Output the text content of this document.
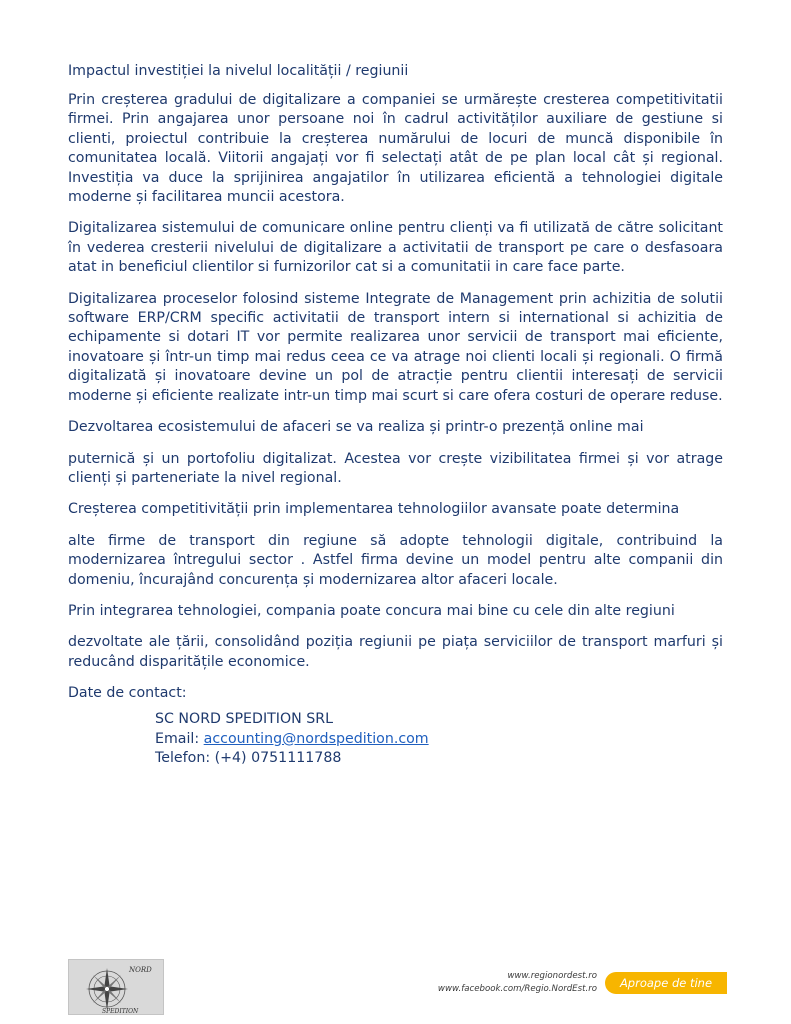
Impactul investiției la nivelul localității / regiunii

Prin creșterea gradului de digitalizare a companiei se urmărește cresterea competitivitatii firmei. Prin angajarea unor persoane noi în cadrul activităților auxiliare de gestiune si clienti, proiectul contribuie la creșterea numărului de locuri de muncă disponibile în comunitatea locală. Viitorii angajați vor fi selectați atât de pe plan local cât și regional. Investiția va duce la sprijinirea angajatilor în utilizarea eficientă a tehnologiei digitale moderne și facilitarea muncii acestora.

Digitalizarea sistemului de comunicare online pentru clienți va fi utilizată de către solicitant în vederea cresterii nivelului de digitalizare a activitatii de transport pe care o desfasoara atat in beneficiul clientilor si furnizorilor cat si a comunitatii in care face parte.

Digitalizarea proceselor folosind sisteme Integrate de Management prin achizitia de solutii software ERP/CRM specific activitatii de transport intern si international si achizitia de echipamente si dotari IT vor permite realizarea unor servicii de transport mai eficiente, inovatoare și într-un timp mai redus ceea ce va atrage noi clienti locali și regionali. O firmă digitalizată și inovatoare devine un pol de atracție pentru clientii interesați de servicii moderne și eficiente realizate intr-un timp mai scurt si care ofera costuri de operare reduse.

Dezvoltarea ecosistemului de afaceri se va realiza și printr-o prezență online mai

puternică și un portofoliu digitalizat. Acestea vor crește vizibilitatea firmei și vor atrage clienți și parteneriate la nivel regional.

Creșterea competitivității prin implementarea tehnologiilor avansate poate determina

alte firme de transport din regiune să adopte tehnologii digitale, contribuind la modernizarea întregului sector . Astfel firma devine un model pentru alte companii din domeniu, încurajând concurența și modernizarea altor afaceri locale.

Prin integrarea tehnologiei, compania poate concura mai bine cu cele din alte regiuni

dezvoltate ale țării, consolidând poziția regiunii pe piața serviciilor de transport marfuri și reducând disparitățile economice.

Date de contact:
SC NORD SPEDITION SRL
Email: accounting@nordspedition.com
Telefon: (+4) 0751111788
NORD
SPEDITION
www.regionordest.ro
www.facebook.com/Regio.NordEst.ro	Aproape de tine
